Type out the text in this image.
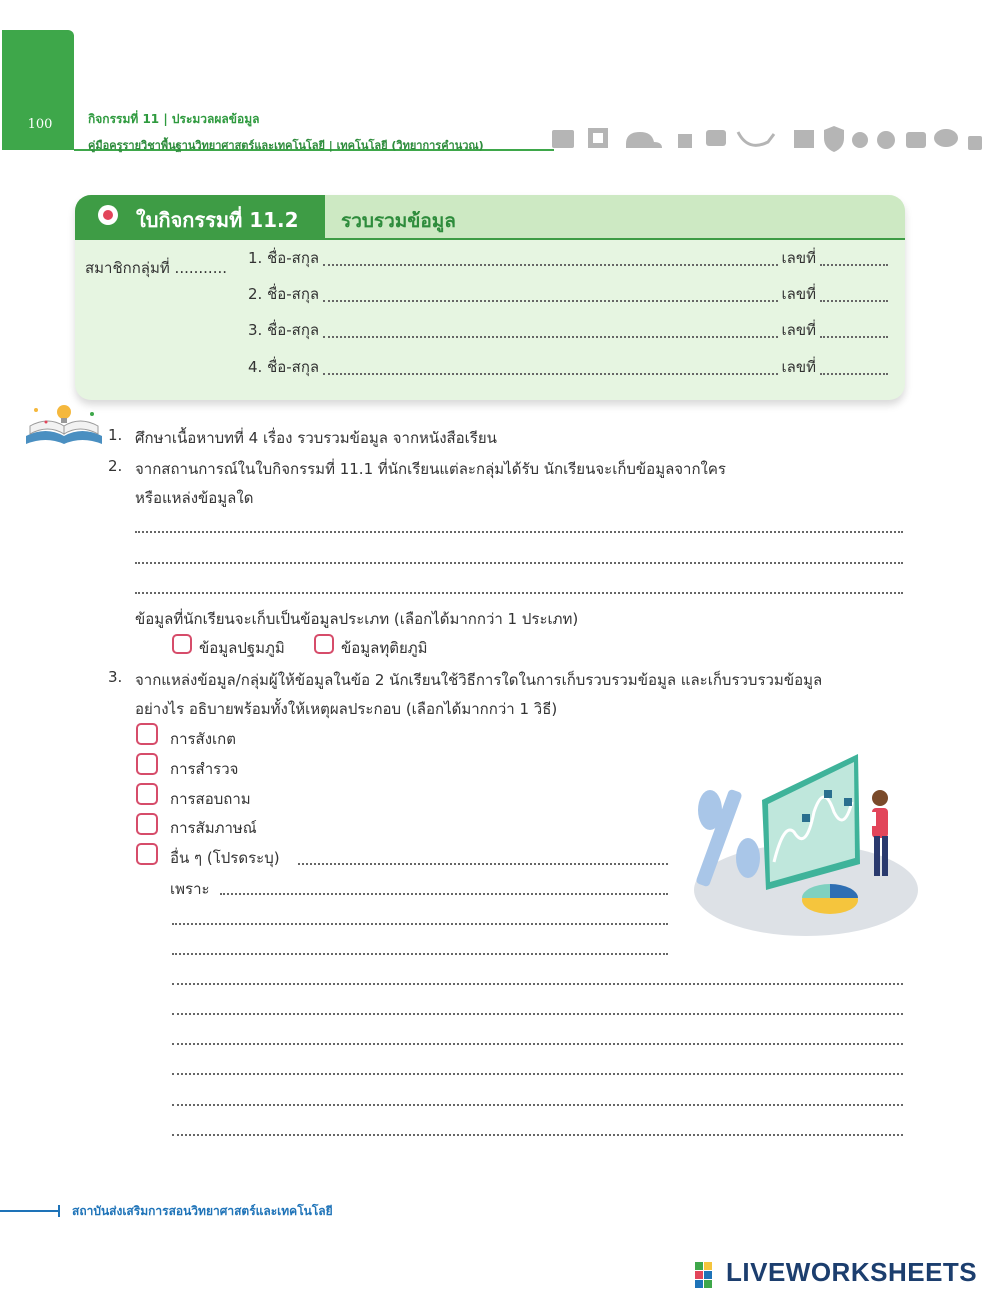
100	กิจกรรมที่ 11 | ประมวลผลข้อมูล
คู่มือครูรายวิชาพื้นฐานวิทยาศาสตร์และเทคโนโลยี | เทคโนโลยี (วิทยาการคำนวณ)
ใบกิจกรรมที่ 11.2 รวบรวมข้อมูล
สมาชิกกลุ่มที่ ...........
1. ชื่อ-สกุล	เลขที่
2. ชื่อ-สกุล	เลขที่
3. ชื่อ-สกุล	เลขที่
4. ชื่อ-สกุล	เลขที่
1. ศึกษาเนื้อหาบทที่ 4 เรื่อง รวบรวมข้อมูล จากหนังสือเรียน
2. จากสถานการณ์ในใบกิจกรรมที่ 11.1 ที่นักเรียนแต่ละกลุ่มได้รับ นักเรียนจะเก็บข้อมูลจากใคร
หรือแหล่งข้อมูลใด
ข้อมูลที่นักเรียนจะเก็บเป็นข้อมูลประเภท (เลือกได้มากกว่า 1 ประเภท)
ข้อมูลปฐมภูมิ	ข้อมูลทุติยภูมิ
3. จากแหล่งข้อมูล/กลุ่มผู้ให้ข้อมูลในข้อ 2 นักเรียนใช้วิธีการใดในการเก็บรวบรวมข้อมูล และเก็บรวบรวมข้อมูล
อย่างไร อธิบายพร้อมทั้งให้เหตุผลประกอบ (เลือกได้มากกว่า 1 วิธี)
การสังเกต
การสำรวจ
การสอบถาม
การสัมภาษณ์
อื่น ๆ (โปรดระบุ)
เพราะ
สถาบันส่งเสริมการสอนวิทยาศาสตร์และเทคโนโลยี
LIVEWORKSHEETS
